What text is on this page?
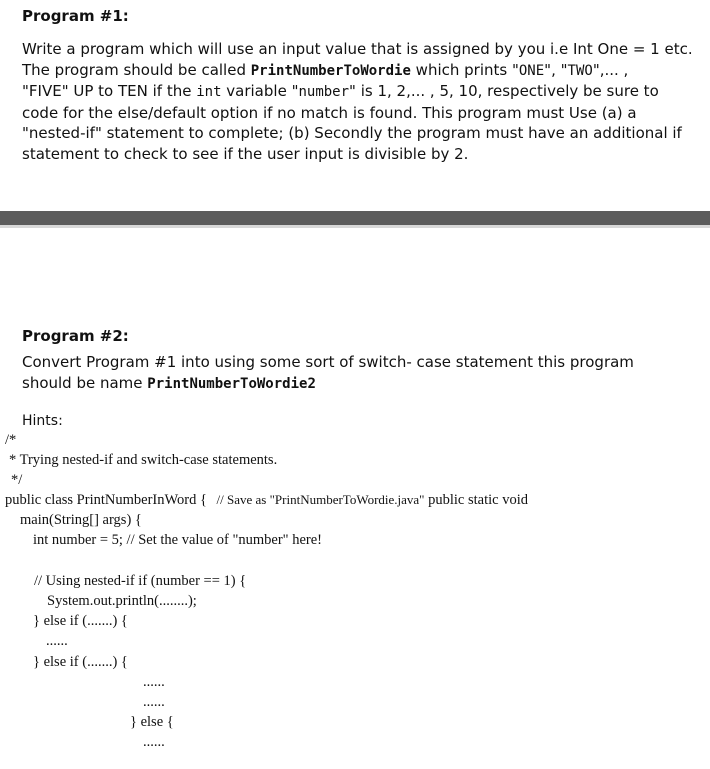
Program #1:
Write a program which will use an input value that is assigned by you i.e Int One = 1 etc.
The program should be called PrintNumberToWordie which prints "ONE", "TWO",... ,
"FIVE" UP to TEN if the int variable "number" is 1, 2,... , 5, 10, respectively be sure to
code for the else/default option if no match is found. This program must Use (a) a
"nested-if" statement to complete; (b) Secondly the program must have an additional if
statement to check to see if the user input is divisible by 2.
Program #2:
Convert Program #1 into using some sort of switch- case statement this program
should be name PrintNumberToWordie2
Hints:
/*
* Trying nested-if and switch-case statements.
*/
public class PrintNumberInWord { // Save as "PrintNumberToWordie.java" public static void
main(String[] args) {
int number = 5; // Set the value of "number" here!
// Using nested-if if (number == 1) {
System.out.println(........);
} else if (.......) {
......
} else if (.......) {
......
......
} else {
......
